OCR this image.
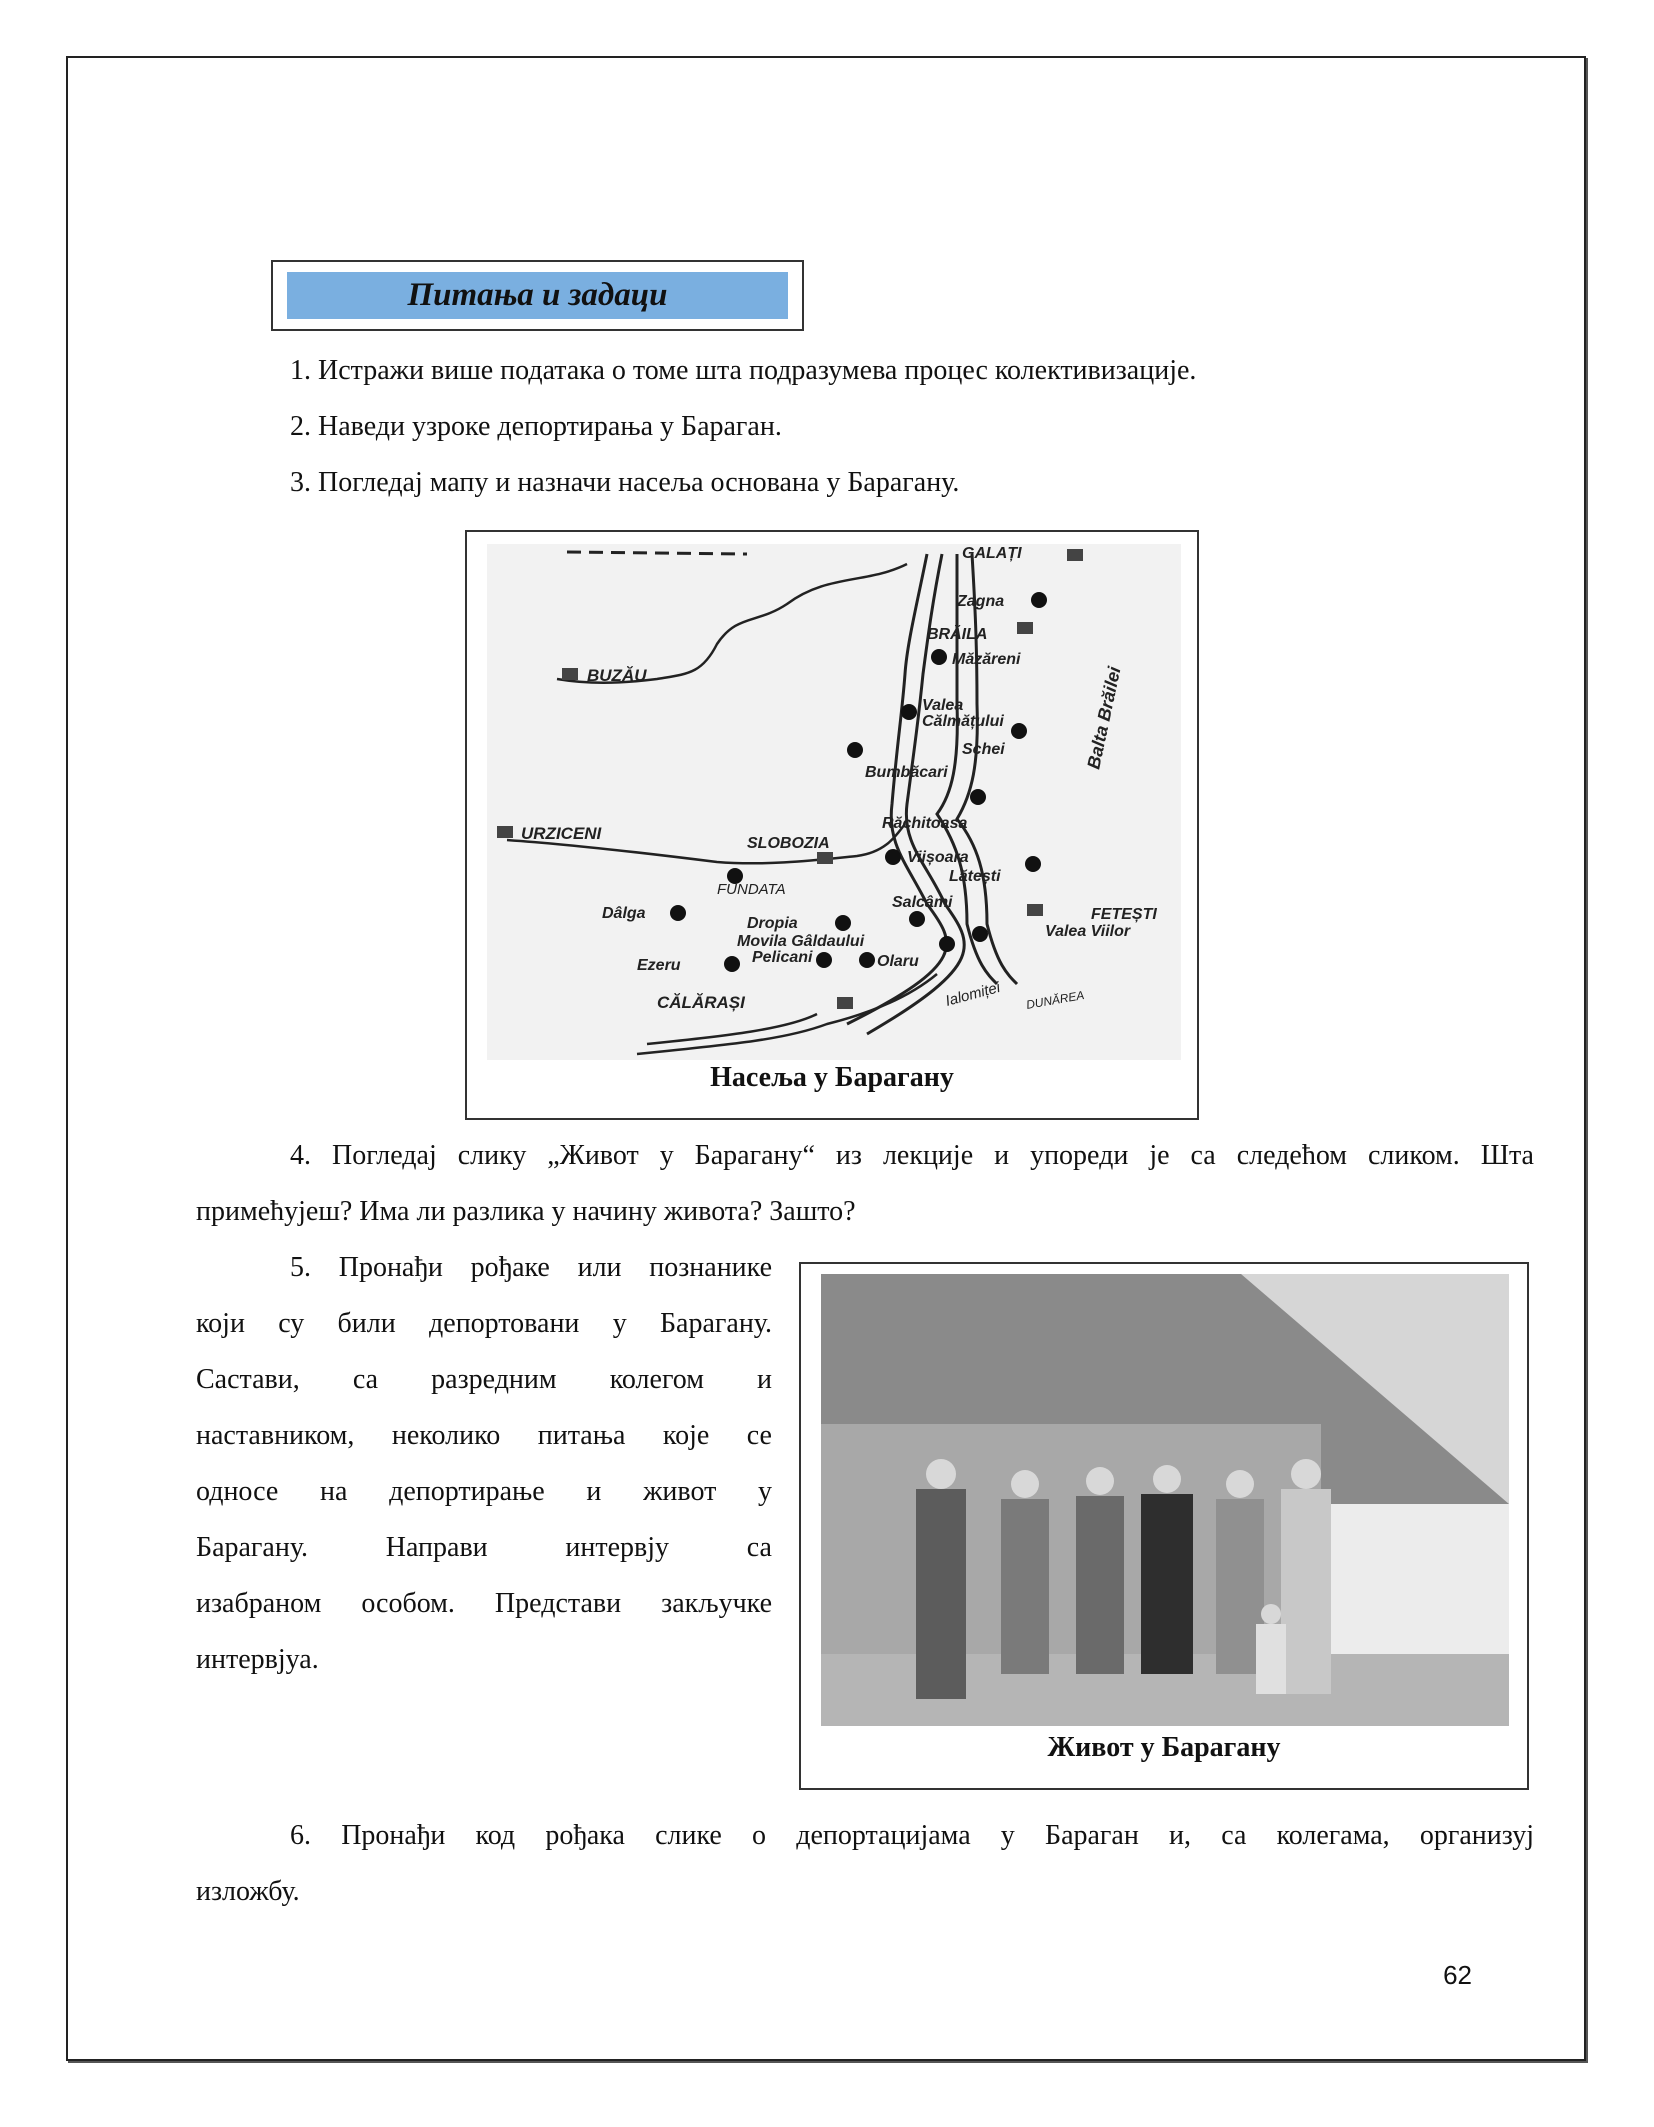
Питања и задаци
1. Истражи више података о томе шта подразумева процес колективизације.
2. Наведи узроке депортирања у Бараган.
3. Погледај мапу и назначи насеља основана у Барагану.
GALAȚI
Zagna
BRĂILA
Măzăreni
Valea
Călmățului
Schei
Bumbăcari
Răchitoasa
BUZĂU
URZICENI
SLOBOZIA
Viișoara
Lătești
FUNDATA
Dâlga
Salcâmi
FETEȘTI
Valea Viilor
Dropia
Movila Gâldaului
Pelicani
Ezeru	Olaru
CĂLĂRAȘI
Balta Brăilei
DUNĂREA
Ialomiței
Насеља у Барагану
4. Погледај слику „Живот у Барагану“ из лекције и упореди је са следећом сликом. Шта
примећујеш? Има ли разлика у начину живота? Зашто?
5. Пронађи рођаке или познанике
који су били депортовани у Барагану.
Састави, са разредним колегом и
наставником, неколико питања које се
односе на депортирање и живот у
Барагану. Направи интервју са
изабраном особом. Представи закључке
интервјуа.
Живот у Барагану
6. Пронађи код рођака слике о депортацијама у Бараган и, са колегама, организуј
изложбу.
62
